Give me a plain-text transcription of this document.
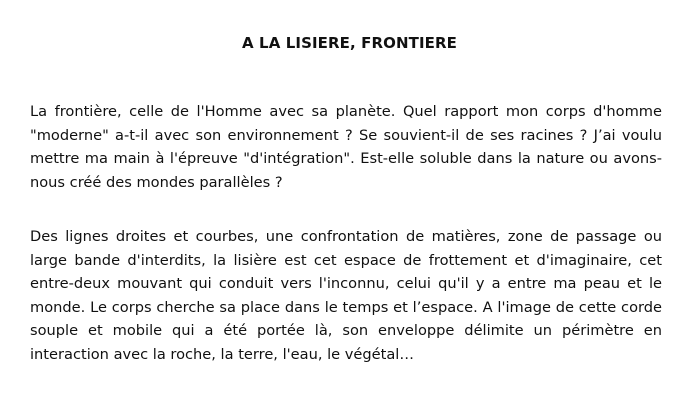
A LA LISIERE, FRONTIERE

La frontière, celle de l'Homme avec sa planète. Quel rapport mon corps d'homme "moderne" a-t-il avec son environnement ? Se souvient-il de ses racines ? J’ai voulu mettre ma main à l'épreuve "d'intégration". Est-elle soluble dans la nature ou avons-nous créé des mondes parallèles ?

Des lignes droites et courbes, une confrontation de matières, zone de passage ou large bande d'interdits, la lisière est cet espace de frottement et d'imaginaire, cet entre-deux mouvant qui conduit vers l'inconnu, celui qu'il y a entre ma peau et le monde. Le corps cherche sa place dans le temps et l’espace. A l'image de cette corde souple et mobile qui a été portée là, son enveloppe délimite un périmètre en interaction avec la roche, la terre, l'eau, le végétal…
